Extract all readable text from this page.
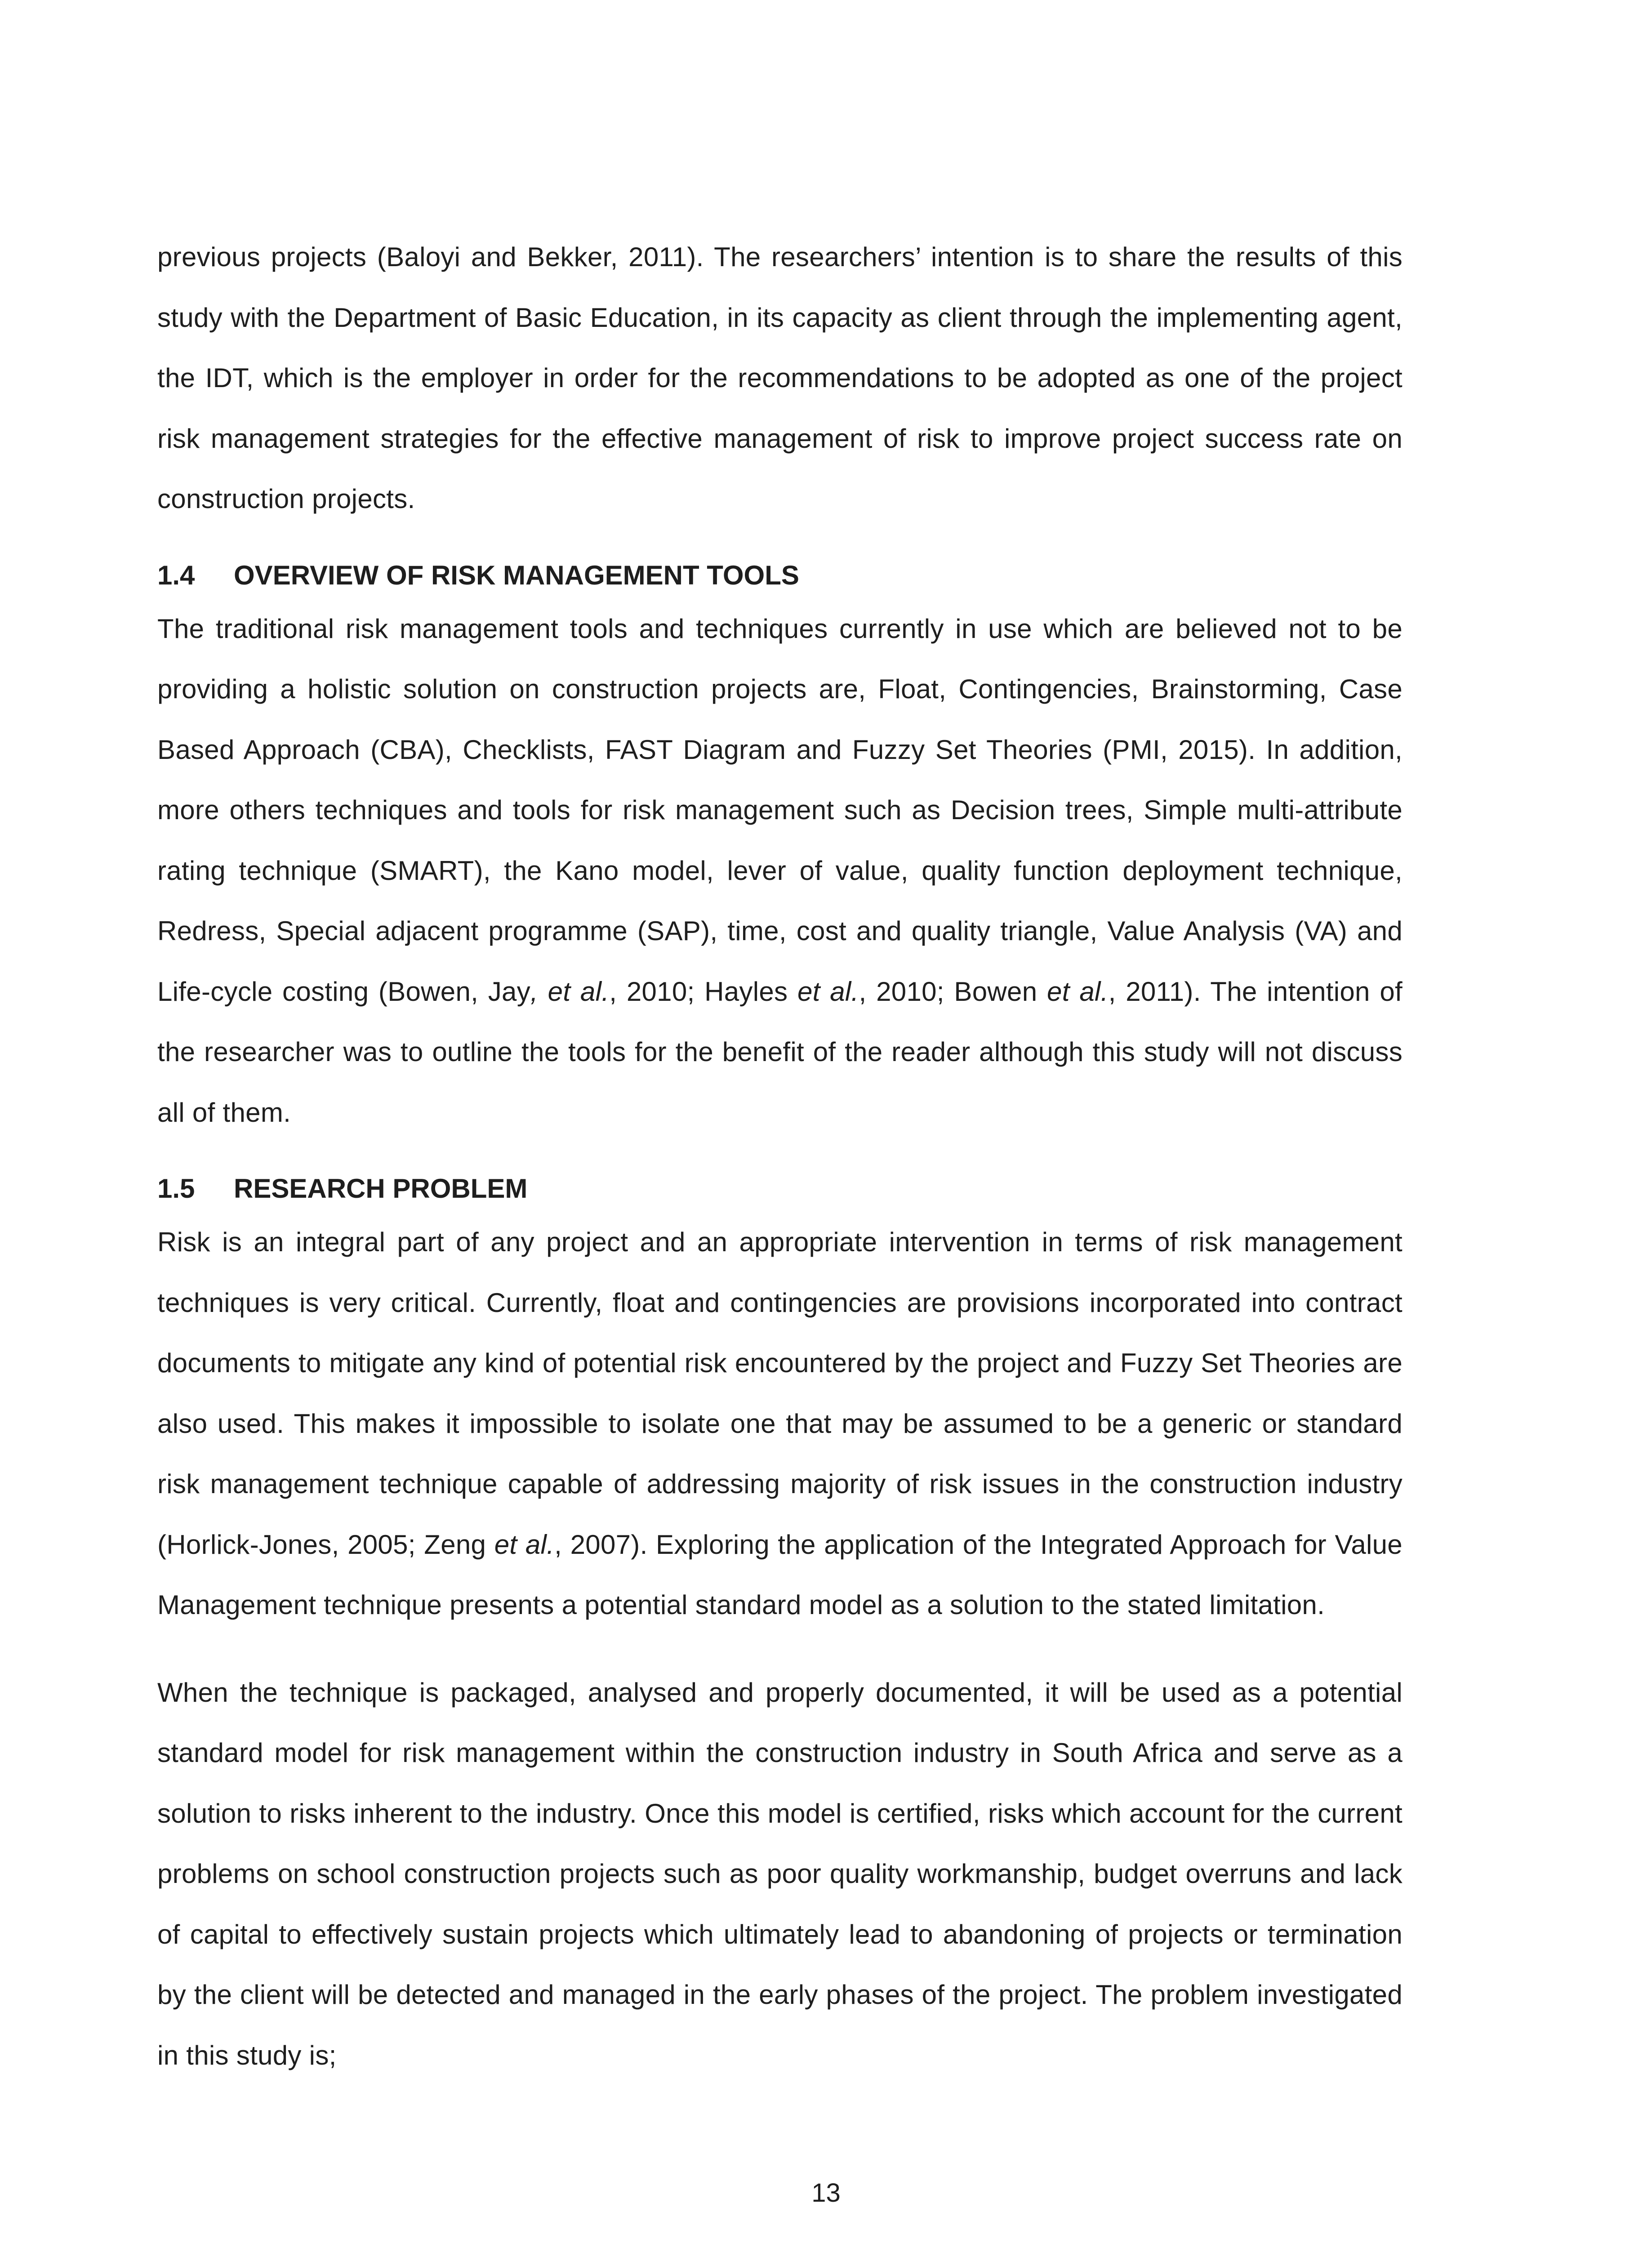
previous projects (Baloyi and Bekker, 2011). The researchers’ intention is to share the results of this study with the Department of Basic Education, in its capacity as client through the implementing agent, the IDT, which is the employer in order for the recommendations to be adopted as one of the project risk management strategies for the effective management of risk to improve project success rate on construction projects.

1.4	OVERVIEW OF RISK MANAGEMENT TOOLS

The traditional risk management tools and techniques currently in use which are believed not to be providing a holistic solution on construction projects are, Float, Contingencies, Brainstorming, Case Based Approach (CBA), Checklists, FAST Diagram and Fuzzy Set Theories (PMI, 2015). In addition, more others techniques and tools for risk management such as Decision trees, Simple multi-attribute rating technique (SMART), the Kano model, lever of value, quality function deployment technique, Redress, Special adjacent programme (SAP), time, cost and quality triangle, Value Analysis (VA) and Life-cycle costing (Bowen, Jay, et al., 2010; Hayles et al., 2010; Bowen et al., 2011). The intention of the researcher was to outline the tools for the benefit of the reader although this study will not discuss all of them.

1.5	RESEARCH PROBLEM

Risk is an integral part of any project and an appropriate intervention in terms of risk management techniques is very critical. Currently, float and contingencies are provisions incorporated into contract documents to mitigate any kind of potential risk encountered by the project and Fuzzy Set Theories are also used. This makes it impossible to isolate one that may be assumed to be a generic or standard risk management technique capable of addressing majority of risk issues in the construction industry (Horlick-Jones, 2005; Zeng et al., 2007). Exploring the application of the Integrated Approach for Value Management technique presents a potential standard model as a solution to the stated limitation.

When the technique is packaged, analysed and properly documented, it will be used as a potential standard model for risk management within the construction industry in South Africa and serve as a solution to risks inherent to the industry. Once this model is certified, risks which account for the current problems on school construction projects such as poor quality workmanship, budget overruns and lack of capital to effectively sustain projects which ultimately lead to abandoning of projects or termination by the client will be detected and managed in the early phases of the project. The problem investigated in this study is;

13
